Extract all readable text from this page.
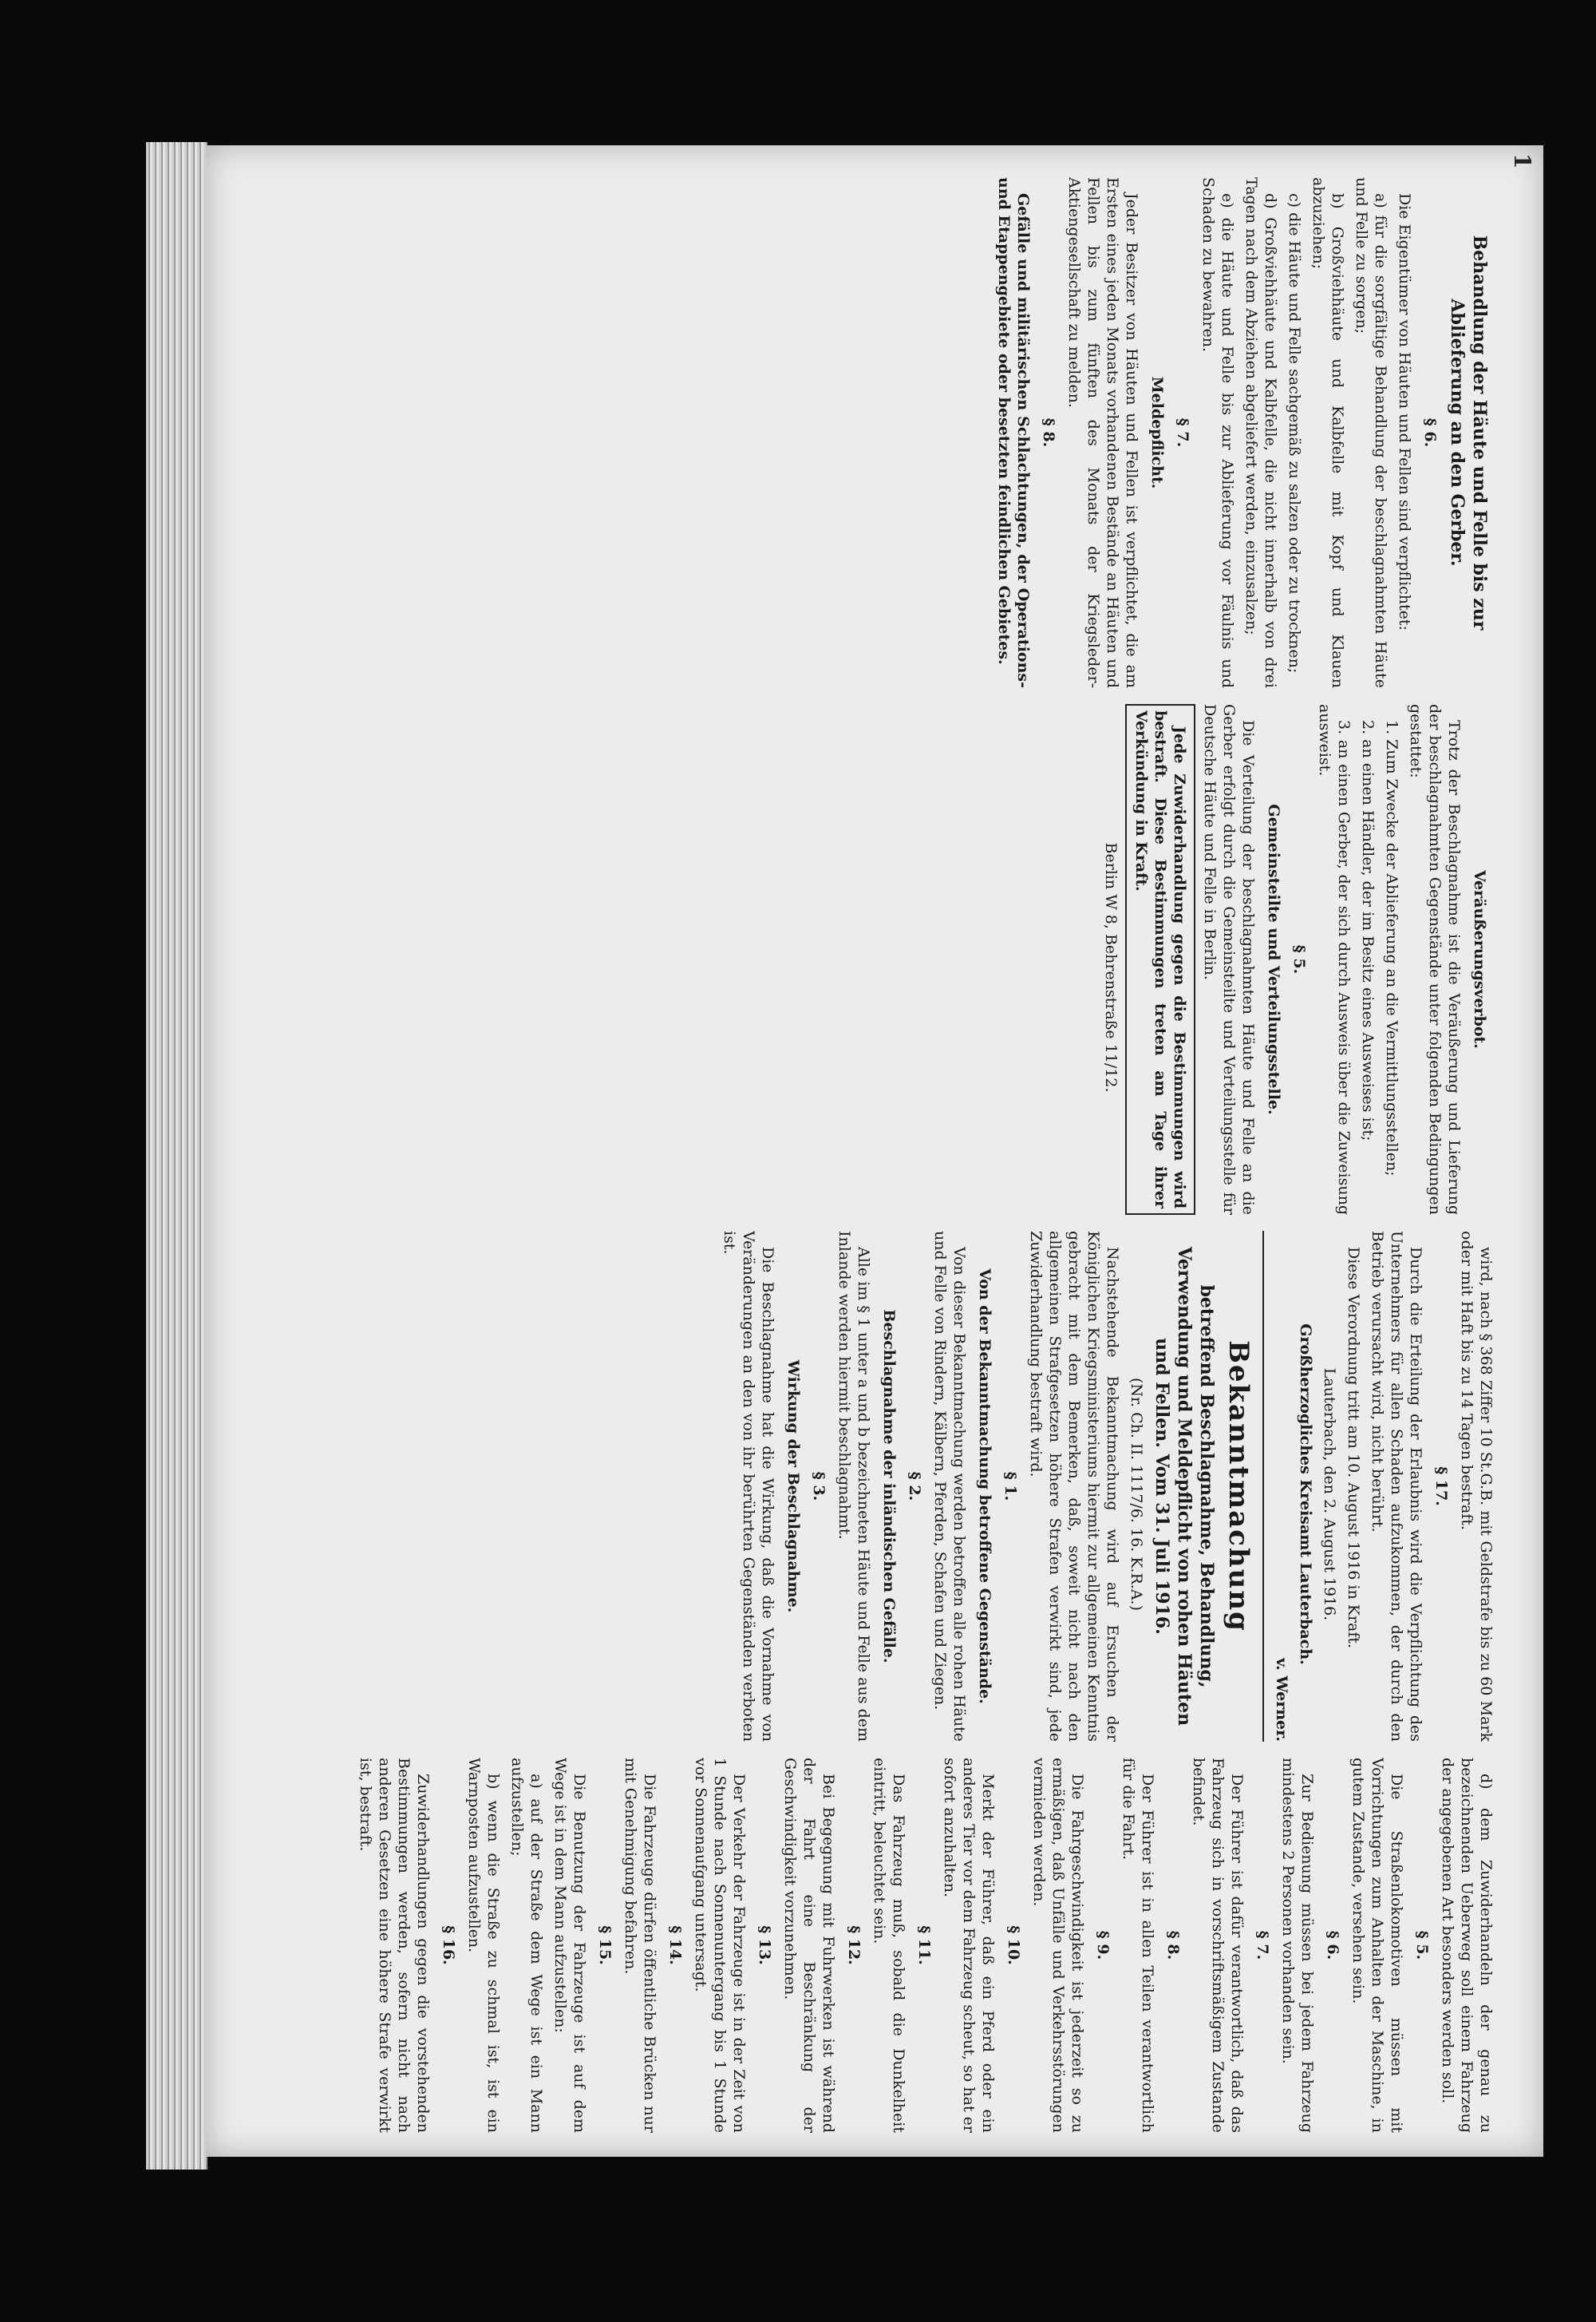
1
Behandlung der Häute und Felle bis zur Ablieferung an den Gerber.
§ 6.

Die Eigentümer von Häuten und Fellen sind verpflichtet:

a) für die sorgfältige Behandlung der beschlagnahmten Häute und Felle zu sorgen;

b) Großviehhäute und Kalbfelle mit Kopf und Klauen abzuziehen;

c) die Häute und Felle sachgemäß zu salzen oder zu trocknen;

d) Großviehhäute und Kalbfelle, die nicht innerhalb von drei Tagen nach dem Abziehen abgeliefert werden, einzusalzen;

e) die Häute und Felle bis zur Ablieferung vor Fäulnis und Schaden zu bewahren.

§ 7.
Meldepflicht.

Jeder Besitzer von Häuten und Fellen ist verpflichtet, die am Ersten eines jeden Monats vorhandenen Bestände an Häuten und Fellen bis zum fünften des Monats der Kriegsleder-Aktiengesellschaft zu melden.

§ 8.

Gefälle und militärischen Schlachtungen, der Operations- und Etappengebiete oder besetzten feindlichen Gebietes.

Veräußerungsverbot.

Trotz der Beschlagnahme ist die Veräußerung und Lieferung der beschlagnahmten Gegenstände unter folgenden Bedingungen gestattet:

1. Zum Zwecke der Ablieferung an die Vermittlungsstellen;

2. an einen Händler, der im Besitz eines Ausweises ist;

3. an einen Gerber, der sich durch Ausweis über die Zuweisung ausweist.

§ 5.
Gemeinsteilte und Verteilungsstelle.

Die Verteilung der beschlagnahmten Häute und Felle an die Gerber erfolgt durch die Gemeinsteilte und Verteilungsstelle für Deutsche Häute und Felle in Berlin.

Jede Zuwiderhandlung gegen die Bestimmungen wird bestraft. Diese Bestimmungen treten am Tage ihrer Verkündung in Kraft.

Berlin W 8, Behrenstraße 11/12.

wird, nach § 368 Ziffer 10 St.G.B. mit Geldstrafe bis zu 60 Mark oder mit Haft bis zu 14 Tagen bestraft.

§ 17.

Durch die Erteilung der Erlaubnis wird die Verpflichtung des Unternehmers für allen Schaden aufzukommen, der durch den Betrieb verursacht wird, nicht berührt.

Diese Verordnung tritt am 10. August 1916 in Kraft.

Lauterbach, den 2. August 1916.

Großherzogliches Kreisamt Lauterbach.

v. Werner.

Bekanntmachung
betreffend Beschlagnahme, Behandlung, Verwendung und Meldepflicht von rohen Häuten und Fellen. Vom 31. Juli 1916.

(Nr. Ch. II. 1117/6. 16. K.R.A.)

Nachstehende Bekanntmachung wird auf Ersuchen der Königlichen Kriegsministeriums hiermit zur allgemeinen Kenntnis gebracht mit dem Bemerken, daß, soweit nicht nach den allgemeinen Strafgesetzen höhere Strafen verwirkt sind, jede Zuwiderhandlung bestraft wird.

§ 1.
Von der Bekanntmachung betroffene Gegenstände.

Von dieser Bekanntmachung werden betroffen alle rohen Häute und Felle von Rindern, Kälbern, Pferden, Schafen und Ziegen.

§ 2.
Beschlagnahme der inländischen Gefälle.

Alle im § 1 unter a und b bezeichneten Häute und Felle aus dem Inlande werden hiermit beschlagnahmt.

§ 3.
Wirkung der Beschlagnahme.

Die Beschlagnahme hat die Wirkung, daß die Vornahme von Veränderungen an den von ihr berührten Gegenständen verboten ist.

d) dem Zuwiderhandeln der genau zu bezeichnenden Ueberweg soll einem Fahrzeug der angegebenen Art besonders werden soll.

§ 5.

Die Straßenlokomotiven müssen mit Vorrichtungen zum Anhalten der Maschine, in gutem Zustande, versehen sein.

§ 6.

Zur Bedienung müssen bei jedem Fahrzeug mindestens 2 Personen vorhanden sein.

§ 7.

Der Führer ist dafür verantwortlich, daß das Fahrzeug sich in vorschriftsmäßigem Zustande befindet.

§ 8.

Der Führer ist in allen Teilen verantwortlich für die Fahrt.

§ 9.

Die Fahrgeschwindigkeit ist jederzeit so zu ermäßigen, daß Unfälle und Verkehrsstörungen vermieden werden.

§ 10.

Merkt der Führer, daß ein Pferd oder ein anderes Tier vor dem Fahrzeug scheut, so hat er sofort anzuhalten.

§ 11.

Das Fahrzeug muß, sobald die Dunkelheit eintritt, beleuchtet sein.

§ 12.

Bei Begegnung mit Fuhrwerken ist während der Fahrt eine Beschränkung der Geschwindigkeit vorzunehmen.

§ 13.

Der Verkehr der Fahrzeuge ist in der Zeit von 1 Stunde nach Sonnenuntergang bis 1 Stunde vor Sonnenaufgang untersagt.

§ 14.

Die Fahrzeuge dürfen öffentliche Brücken nur mit Genehmigung befahren.

§ 15.

Die Benutzung der Fahrzeuge ist auf dem Wege ist in dem Mann aufzustellen:

a) auf der Straße dem Wege ist ein Mann aufzustellen;

b) wenn die Straße zu schmal ist, ist ein Warnposten aufzustellen.

§ 16.

Zuwiderhandlungen gegen die vorstehenden Bestimmungen werden, sofern nicht nach anderen Gesetzen eine höhere Strafe verwirkt ist, bestraft.
